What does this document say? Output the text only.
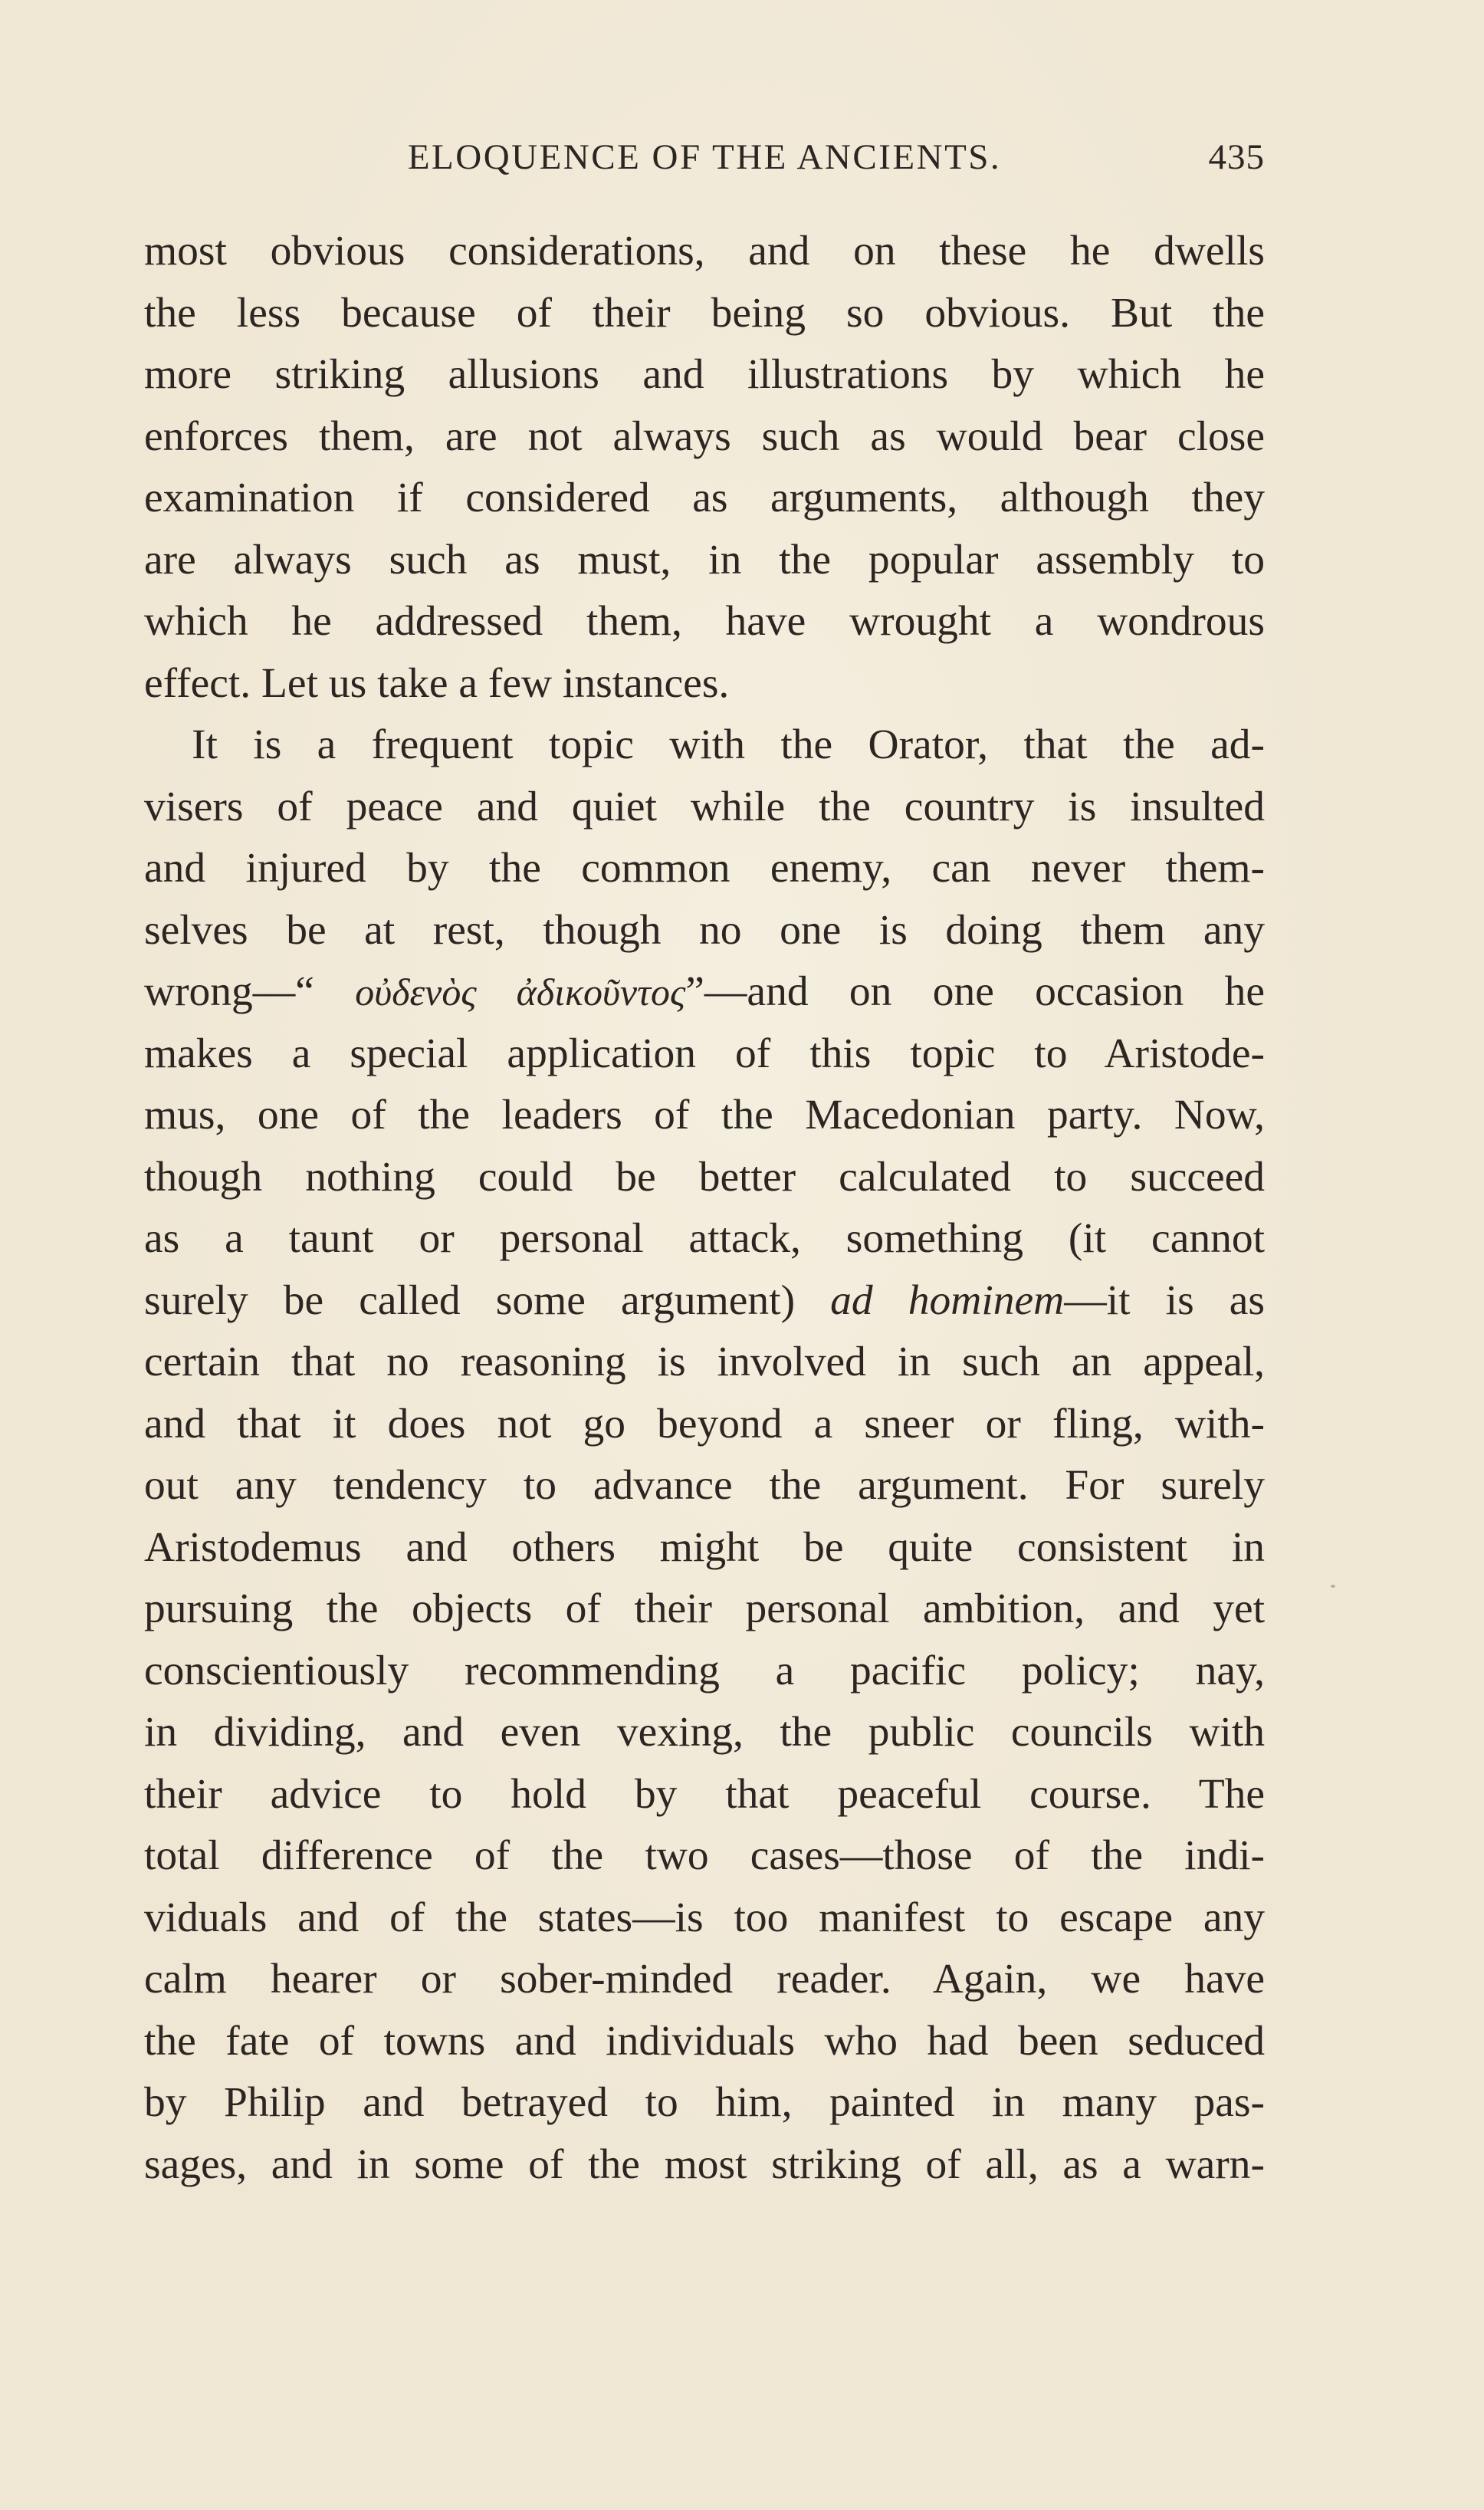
ELOQUENCE OF THE ANCIENTS.	435
most obvious considerations, and on these he dwells
the less because of their being so obvious. But the
more striking allusions and illustrations by which he
enforces them, are not always such as would bear close
examination if considered as arguments, although they
are always such as must, in the popular assembly to
which he addressed them, have wrought a wondrous
effect. Let us take a few instances.
It is a frequent topic with the Orator, that the ad-
visers of peace and quiet while the country is insulted
and injured by the common enemy, can never them-
selves be at rest, though no one is doing them any
wrong—“ οὐδενὸς ἀδικοῦντος”—and on one occasion he
makes a special application of this topic to Aristode-
mus, one of the leaders of the Macedonian party. Now,
though nothing could be better calculated to succeed
as a taunt or personal attack, something (it cannot
surely be called some argument) ad hominem—it is as
certain that no reasoning is involved in such an appeal,
and that it does not go beyond a sneer or fling, with-
out any tendency to advance the argument. For surely
Aristodemus and others might be quite consistent in
pursuing the objects of their personal ambition, and yet
conscientiously recommending a pacific policy; nay,
in dividing, and even vexing, the public councils with
their advice to hold by that peaceful course. The
total difference of the two cases—those of the indi-
viduals and of the states—is too manifest to escape any
calm hearer or sober-minded reader. Again, we have
the fate of towns and individuals who had been seduced
by Philip and betrayed to him, painted in many pas-
sages, and in some of the most striking of all, as a warn-
